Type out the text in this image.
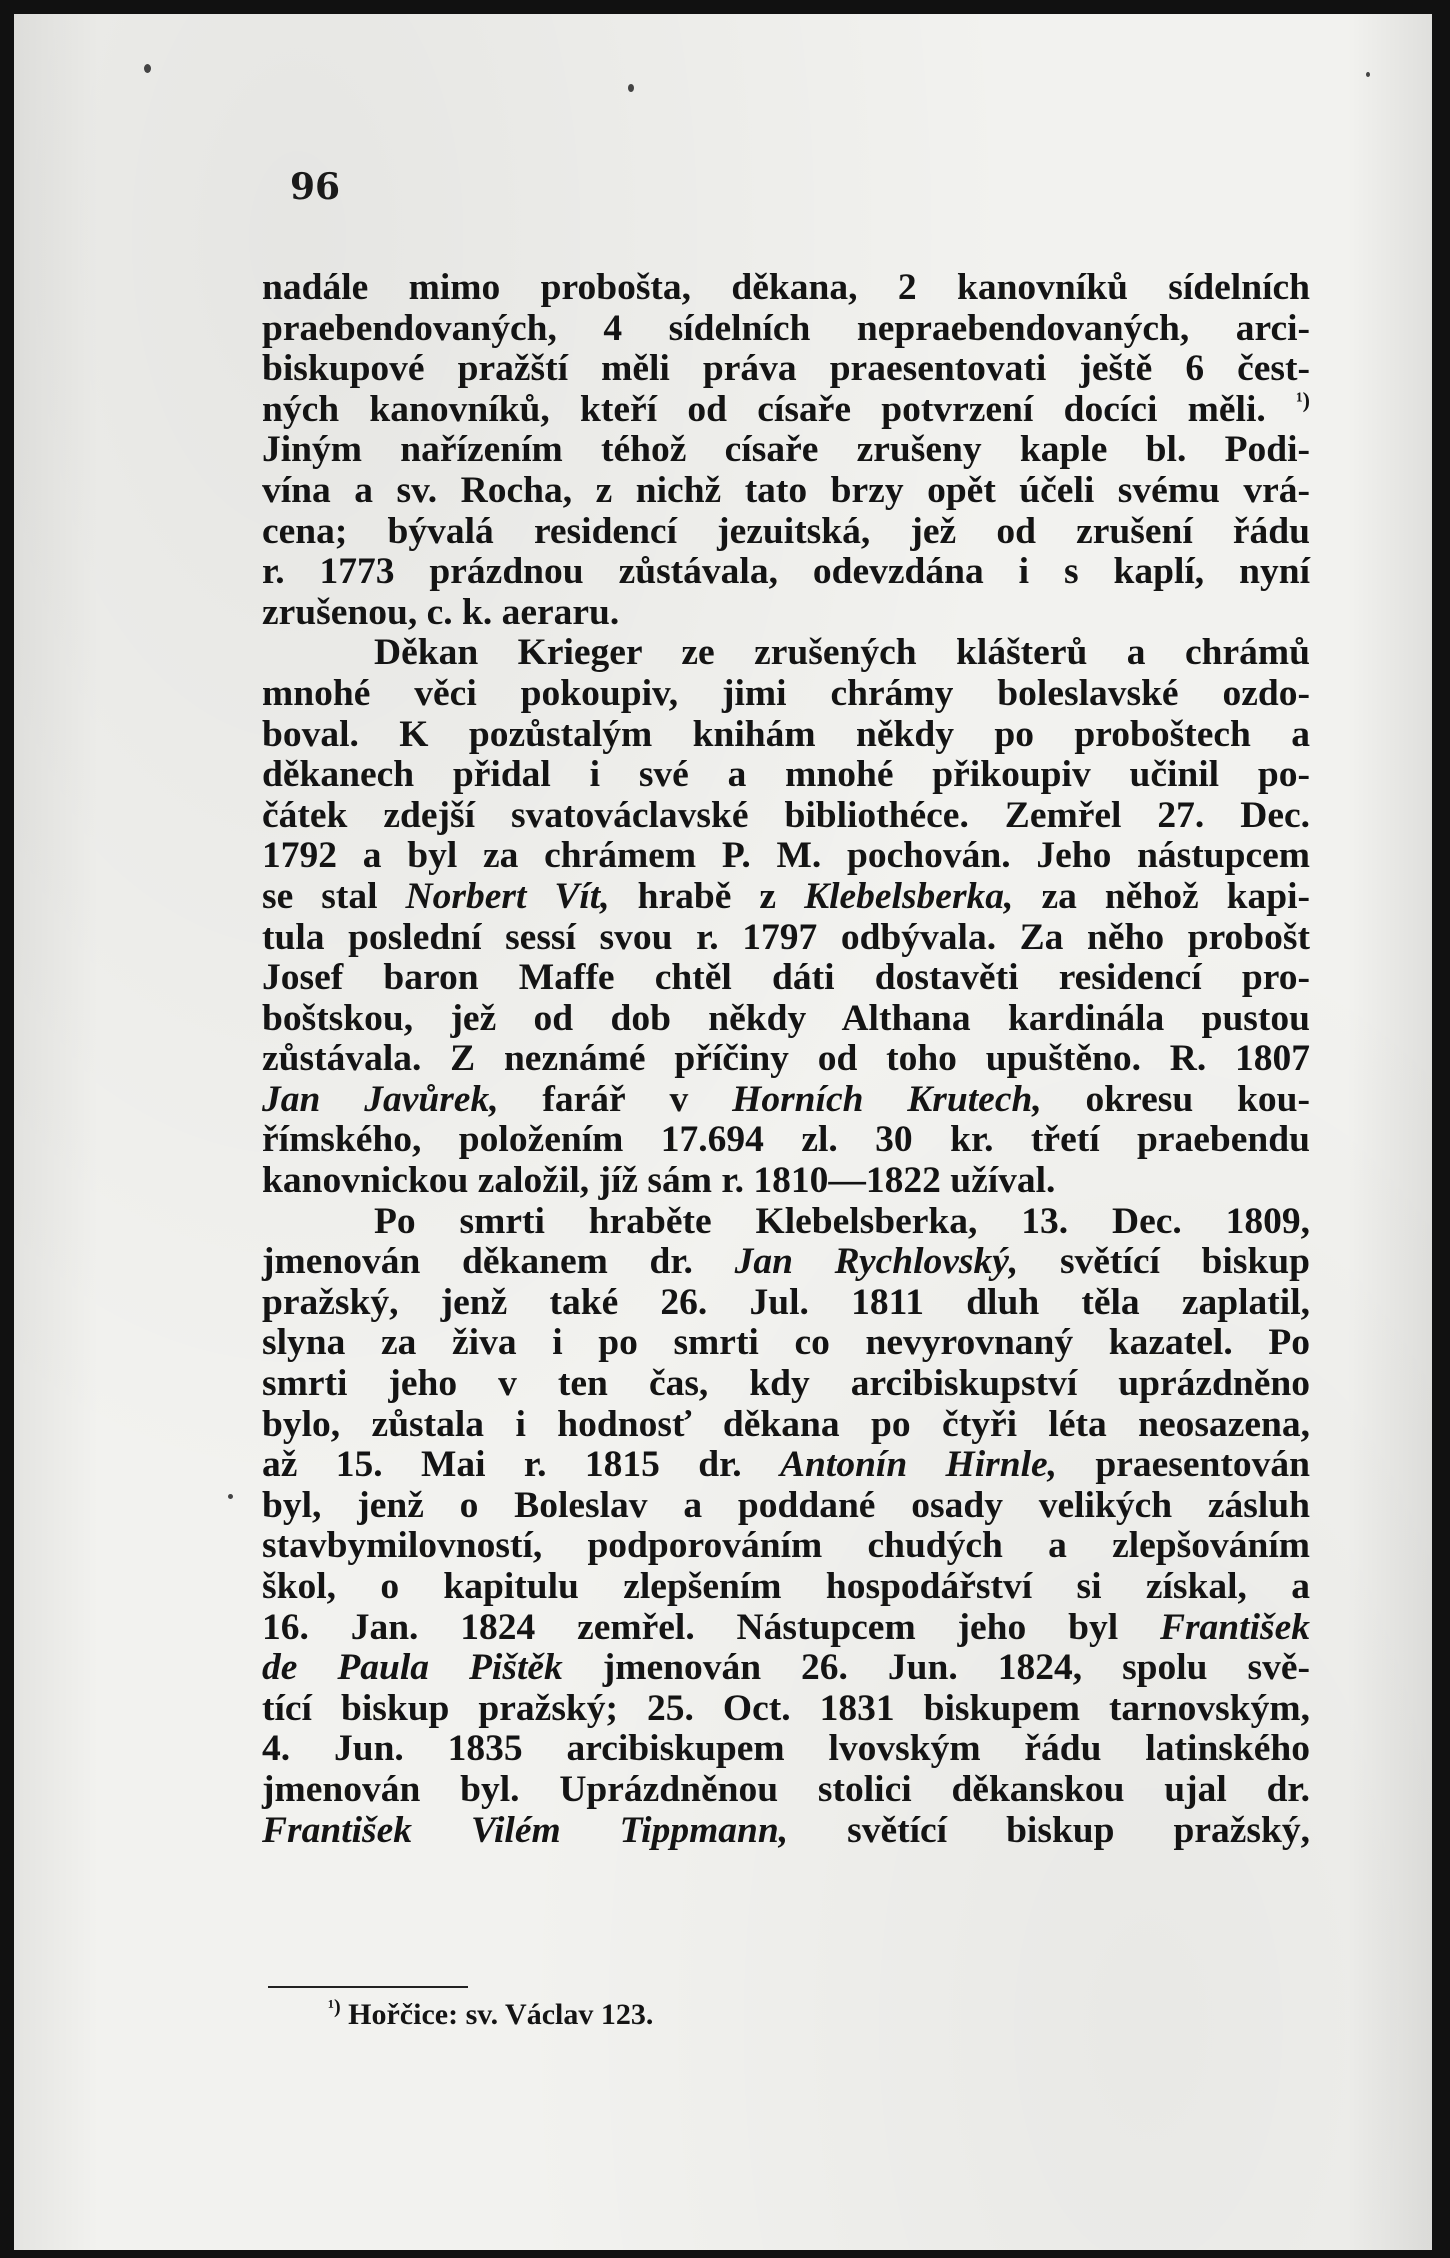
96
nadále mimo proboštа, děkana, 2 kanovníků sídelních
praebendovaných, 4 sídelních nepraebendovaných, arci-
biskupové pražští měli práva praesentovati ještě 6 čest-
ných kanovníků, kteří od císaře potvrzení docíci měli. $^{^1)}$
Jiným nařízením téhož císaře zrušeny kaple bl. Podi-
vína a sv. Rocha, z nichž tato brzy opět účeli svému vrá-
cena; bývalá residencí jezuitská, jež od zrušení řádu
r. 1773 prázdnou zůstávala, odevzdána i s kaplí, nyní
zrušenou, c. k. aeraru.
Děkan Krieger ze zrušených klášterů a chrámů
mnohé věci pokoupiv, jimi chrámy boleslavské ozdo-
boval. K pozůstalým knihám někdy po proboštech a
děkanech přidal i své a mnohé přikoupiv učinil po-
čátek zdejší svatováclavské bibliothéce. Zemřel 27. Dec.
1792 a byl za chrámem P. M. pochován. Jeho nástupcem
se stal Norbert Vít, hrabě z Klebelsberka, za něhož kapi-
tula poslední sessí svou r. 1797 odbývala. Za něho probošt
Josef baron Maffe chtěl dáti dostavěti residencí pro-
boštskou, jež od dob někdy Althana kardinála pustou
zůstávala. Z neznámé příčiny od toho upuštěno. R. 1807
Jan Javůrek, farář v Horních Krutech, okresu kou-
římského, položením 17.694 zl. 30 kr. třetí praebendu
kanovnickou založil, jíž sám r. 1810—1822 užíval.
Po smrti hraběte Klebelsberka, 13. Dec. 1809,
jmenován děkanem dr. Jan Rychlovský, světící biskup
pražský, jenž také 26. Jul. 1811 dluh těla zaplatil,
slyna za živa i po smrti co nevyrovnaný kazatel. Po
smrti jeho v ten čas, kdy arcibiskupství uprázdněno
bylo, zůstala i hodnosť děkana po čtyři léta neosazena,
až 15. Mai r. 1815 dr. Antonín Hirnle, praesentován
byl, jenž o Boleslav a poddané osady velikých zásluh
stavbymilovností, podporováním chudých a zlepšováním
škol, o kapitulu zlepšením hospodářství si získal, a
16. Jan. 1824 zemřel. Nástupcem jeho byl František
de Paula Pištěk jmenován 26. Jun. 1824, spolu svě-
tící biskup pražský; 25. Oct. 1831 biskupem tarnovským,
4. Jun. 1835 arcibiskupem lvovským řádu latinského
jmenován byl. Uprázdněnou stolici děkanskou ujal dr.
František Vilém Tippmann, světící biskup pražský,
$^{^1)}$ Hořčice: sv. Václav 123.
